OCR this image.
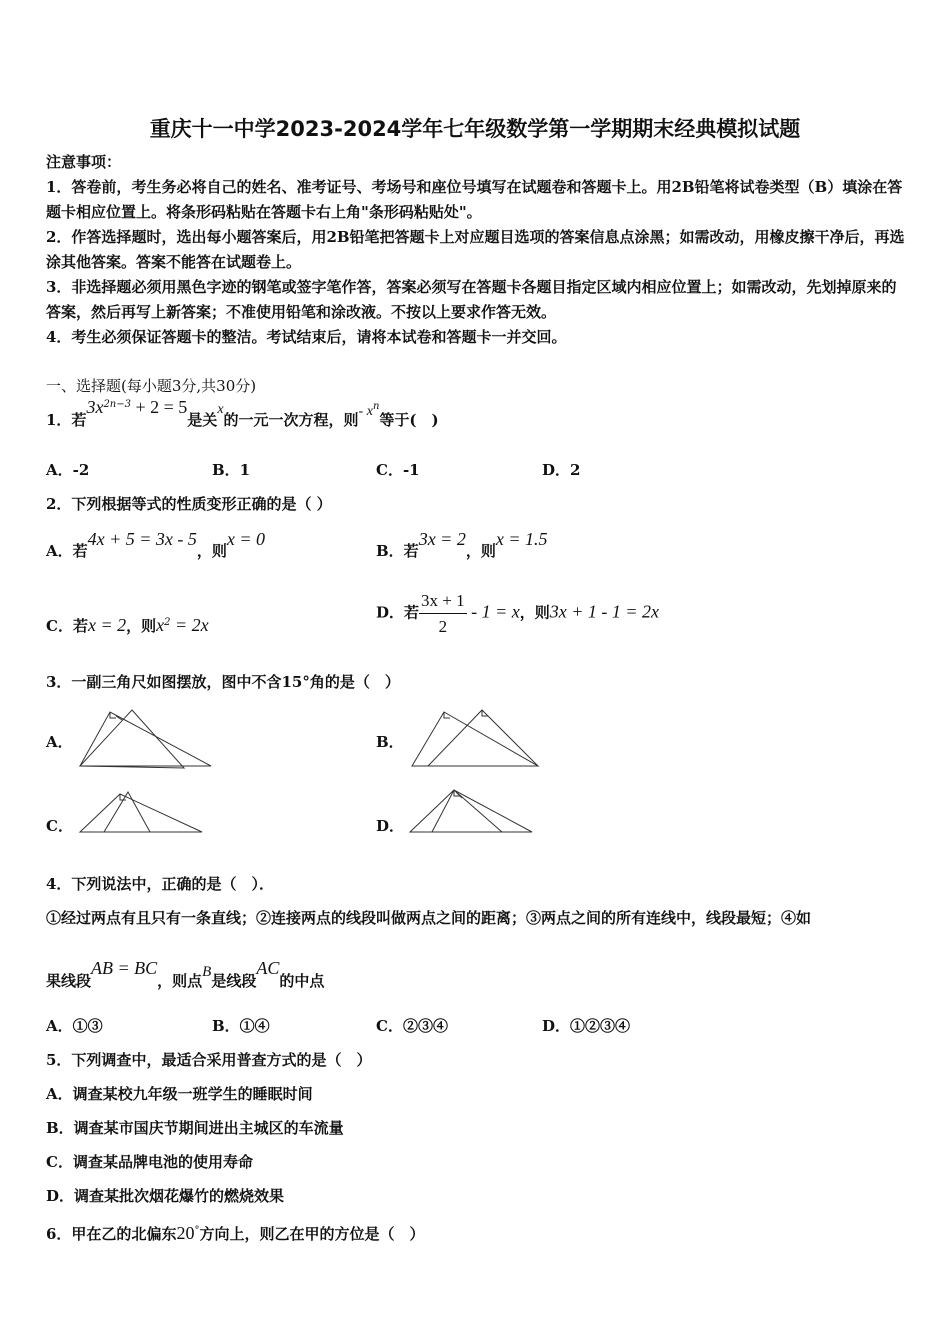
重庆十一中学2023-2024学年七年级数学第一学期期末经典模拟试题
注意事项：
1．答卷前，考生务必将自己的姓名、准考证号、考场号和座位号填写在试题卷和答题卡上。用2B铅笔将试卷类型（B）填涂在答题卡相应位置上。将条形码粘贴在答题卡右上角"条形码粘贴处"。
2．作答选择题时，选出每小题答案后，用2B铅笔把答题卡上对应题目选项的答案信息点涂黑；如需改动，用橡皮擦干净后，再选涂其他答案。答案不能答在试题卷上。
3．非选择题必须用黑色字迹的钢笔或签字笔作答，答案必须写在答题卡各题目指定区域内相应位置上；如需改动，先划掉原来的答案，然后再写上新答案；不准使用铅笔和涂改液。不按以上要求作答无效。
4．考生必须保证答题卡的整洁。考试结束后，请将本试卷和答题卡一并交回。
一、选择题(每小题3分,共30分)
1．若$3x^{2n-3} + 2 = 5$是关x的一元一次方程，则- $x^n$等于(　)
A．-2	B．1	C．-1	D．2
2．下列根据等式的性质变形正确的是（ ）
A．若4x + 5 = 3x - 5，则x = 0
B．若3x = 2，则x = 1.5
C．若x = 2，则$x^2 = 2x$
D．若 $\frac{3x + 1}{2} - 1 = x$，则3x + 1 - 1 = 2x
3．一副三角尺如图摆放，图中不含15°角的是（　）
A．	B．
C．	D．
4．下列说法中，正确的是（　）．
①经过两点有且只有一条直线；②连接两点的线段叫做两点之间的距离；③两点之间的所有连线中，线段最短；④如
果线段AB = BC，则点B是线段AC的中点
A．①③	B．①④	C．②③④	D．①②③④
5．下列调查中，最适合采用普查方式的是（　）
A．调查某校九年级一班学生的睡眠时间
B．调查某市国庆节期间进出主城区的车流量
C．调查某品牌电池的使用寿命
D．调查某批次烟花爆竹的燃烧效果
6．甲在乙的北偏东20°方向上，则乙在甲的方位是（　）
